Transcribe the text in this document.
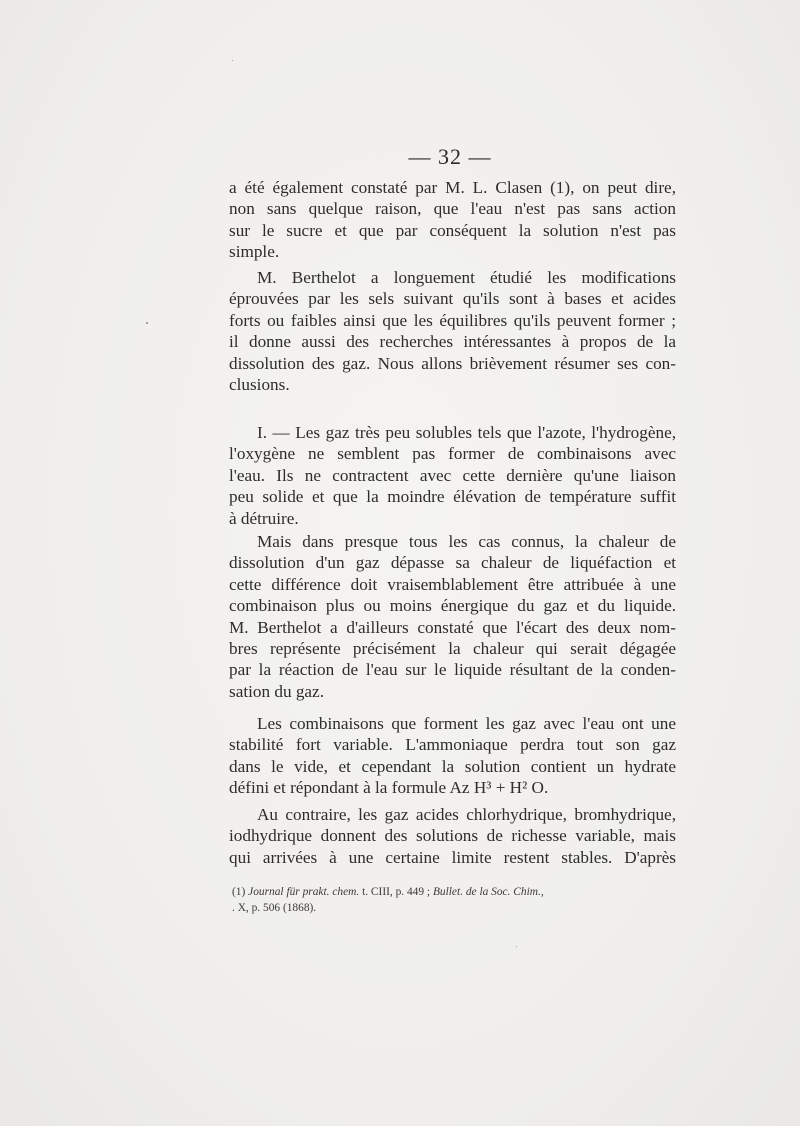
— 32 —
a été également constaté par M. L. Clasen (1), on peut dire,
non sans quelque raison, que l'eau n'est pas sans action
sur le sucre et que par conséquent la solution n'est pas
simple.
M. Berthelot a longuement étudié les modifications
éprouvées par les sels suivant qu'ils sont à bases et acides
forts ou faibles ainsi que les équilibres qu'ils peuvent former ;
il donne aussi des recherches intéressantes à propos de la
dissolution des gaz. Nous allons brièvement résumer ses con-
clusions.
I. — Les gaz très peu solubles tels que l'azote, l'hydrogène,
l'oxygène ne semblent pas former de combinaisons avec
l'eau. Ils ne contractent avec cette dernière qu'une liaison
peu solide et que la moindre élévation de température suffit
à détruire.
Mais dans presque tous les cas connus, la chaleur de
dissolution d'un gaz dépasse sa chaleur de liquéfaction et
cette différence doit vraisemblablement être attribuée à une
combinaison plus ou moins énergique du gaz et du liquide.
M. Berthelot a d'ailleurs constaté que l'écart des deux nom-
bres représente précisément la chaleur qui serait dégagée
par la réaction de l'eau sur le liquide résultant de la conden-
sation du gaz.
Les combinaisons que forment les gaz avec l'eau ont une
stabilité fort variable. L'ammoniaque perdra tout son gaz
dans le vide, et cependant la solution contient un hydrate
défini et répondant à la formule Az H³ + H² O.
Au contraire, les gaz acides chlorhydrique, bromhydrique,
iodhydrique donnent des solutions de richesse variable, mais
qui arrivées à une certaine limite restent stables. D'après
(1) Journal für prakt. chem. t. CIII, p. 449 ; Bullet. de la Soc. Chim.,
. X, p. 506 (1868).
